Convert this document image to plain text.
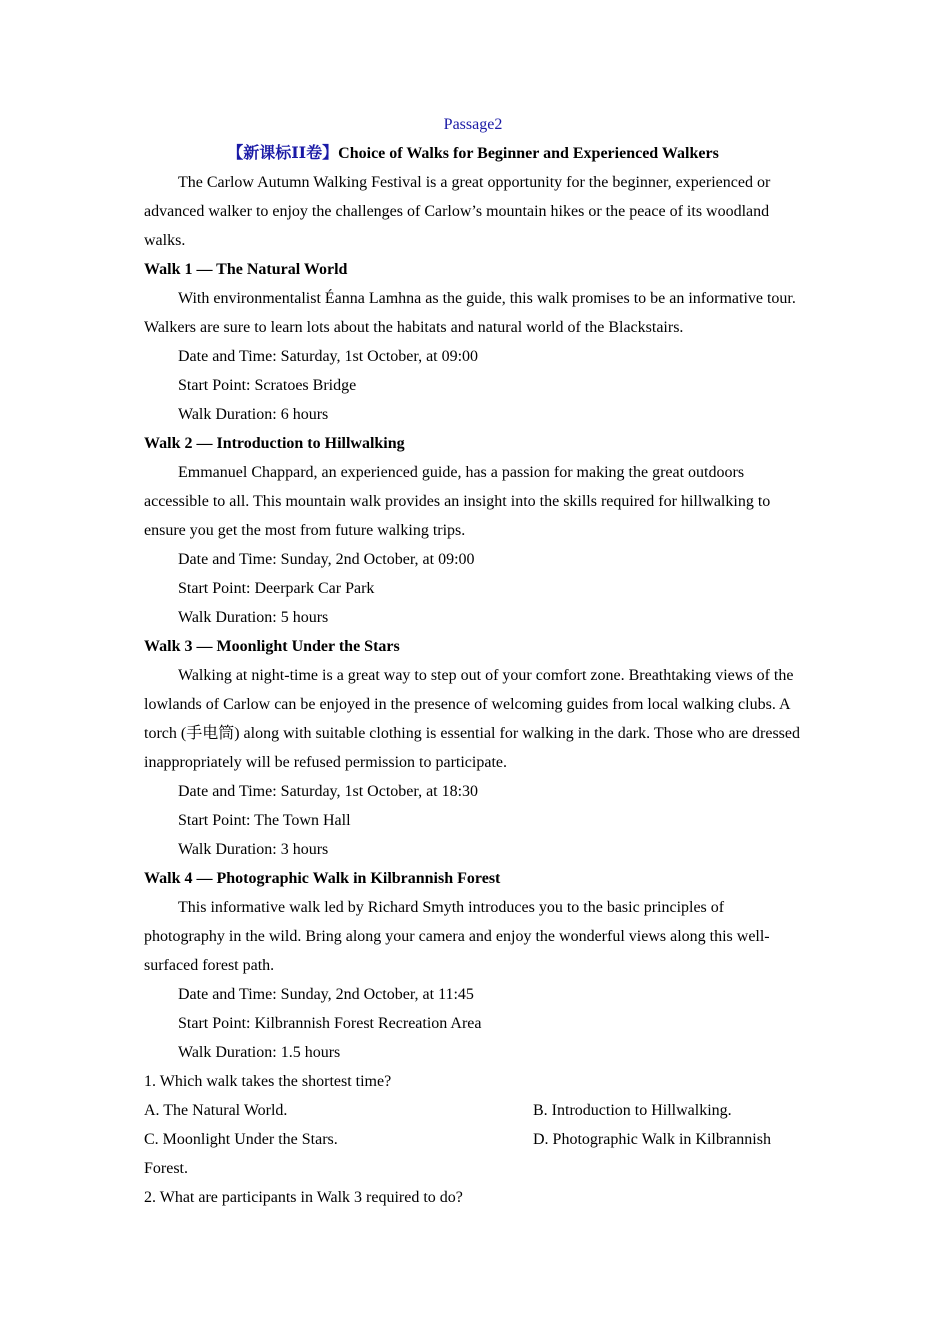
Passage2
【新课标ⅠⅠ卷】Choice of Walks for Beginner and Experienced Walkers
The Carlow Autumn Walking Festival is a great opportunity for the beginner, experienced or advanced walker to enjoy the challenges of Carlow’s mountain hikes or the peace of its woodland walks.
Walk 1 — The Natural World
With environmentalist Éanna Lamhna as the guide, this walk promises to be an informative tour. Walkers are sure to learn lots about the habitats and natural world of the Blackstairs.
Date and Time: Saturday, 1st October, at 09:00
Start Point: Scratoes Bridge
Walk Duration: 6 hours
Walk 2 — Introduction to Hillwalking
Emmanuel Chappard, an experienced guide, has a passion for making the great outdoors accessible to all. This mountain walk provides an insight into the skills required for hillwalking to ensure you get the most from future walking trips.
Date and Time: Sunday, 2nd October, at 09:00
Start Point: Deerpark Car Park
Walk Duration: 5 hours
Walk 3 — Moonlight Under the Stars
Walking at night-time is a great way to step out of your comfort zone. Breathtaking views of the lowlands of Carlow can be enjoyed in the presence of welcoming guides from local walking clubs. A torch (手电筒) along with suitable clothing is essential for walking in the dark. Those who are dressed inappropriately will be refused permission to participate.
Date and Time: Saturday, 1st October, at 18:30
Start Point: The Town Hall
Walk Duration: 3 hours
Walk 4 — Photographic Walk in Kilbrannish Forest
This informative walk led by Richard Smyth introduces you to the basic principles of photography in the wild. Bring along your camera and enjoy the wonderful views along this well-surfaced forest path.
Date and Time: Sunday, 2nd October, at 11:45
Start Point: Kilbrannish Forest Recreation Area
Walk Duration: 1.5 hours
1. Which walk takes the shortest time?
A. The Natural World.	B. Introduction to Hillwalking.
C. Moonlight Under the Stars.	D. Photographic Walk in Kilbrannish
Forest.
2. What are participants in Walk 3 required to do?
